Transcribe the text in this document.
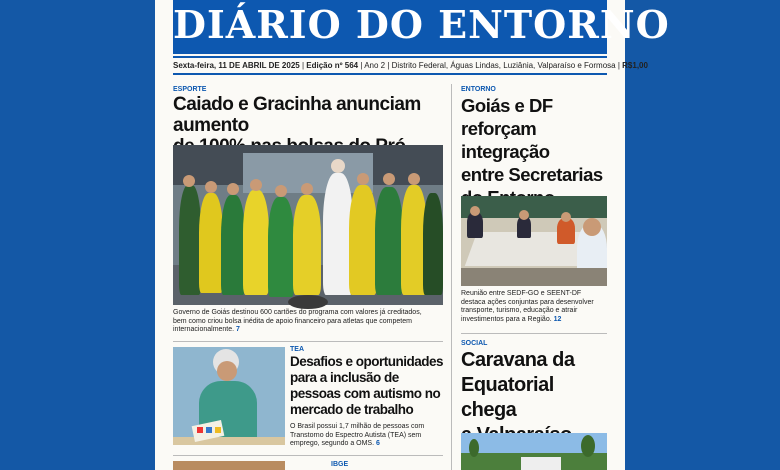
DIÁRIO DO ENTORNO
Sexta-feira, 11 DE ABRIL DE 2025 | Edição nº 564 | Ano 2 | Distrito Federal, Águas Lindas, Luziânia, Valparaíso e Formosa | R$1,00
ESPORTE
Caiado e Gracinha anunciam aumento
Governo de Goiás destinou 600 cartões do programa com valores já creditados,
bem como criou bolsa inédita de apoio financeiro para atletas que competem
internacionalmente. 7
TEA
Desafios e oportunidades
para a inclusão de
pessoas com autismo no
mercado de trabalho
O Brasil possui 1,7 milhão de pessoas com
Transtorno do Espectro Autista (TEA) sem
emprego, segundo a OMS. 6
IBGE
ENTORNO
Goiás e DF reforçam
integração
entre Secretarias
Reunião entre SEDF-GO e SEENT-DF
destaca ações conjuntas para desenvolver
transporte, turismo, educação e atrair
investimentos para a Região. 12
SOCIAL
Caravana da
Equatorial chega
